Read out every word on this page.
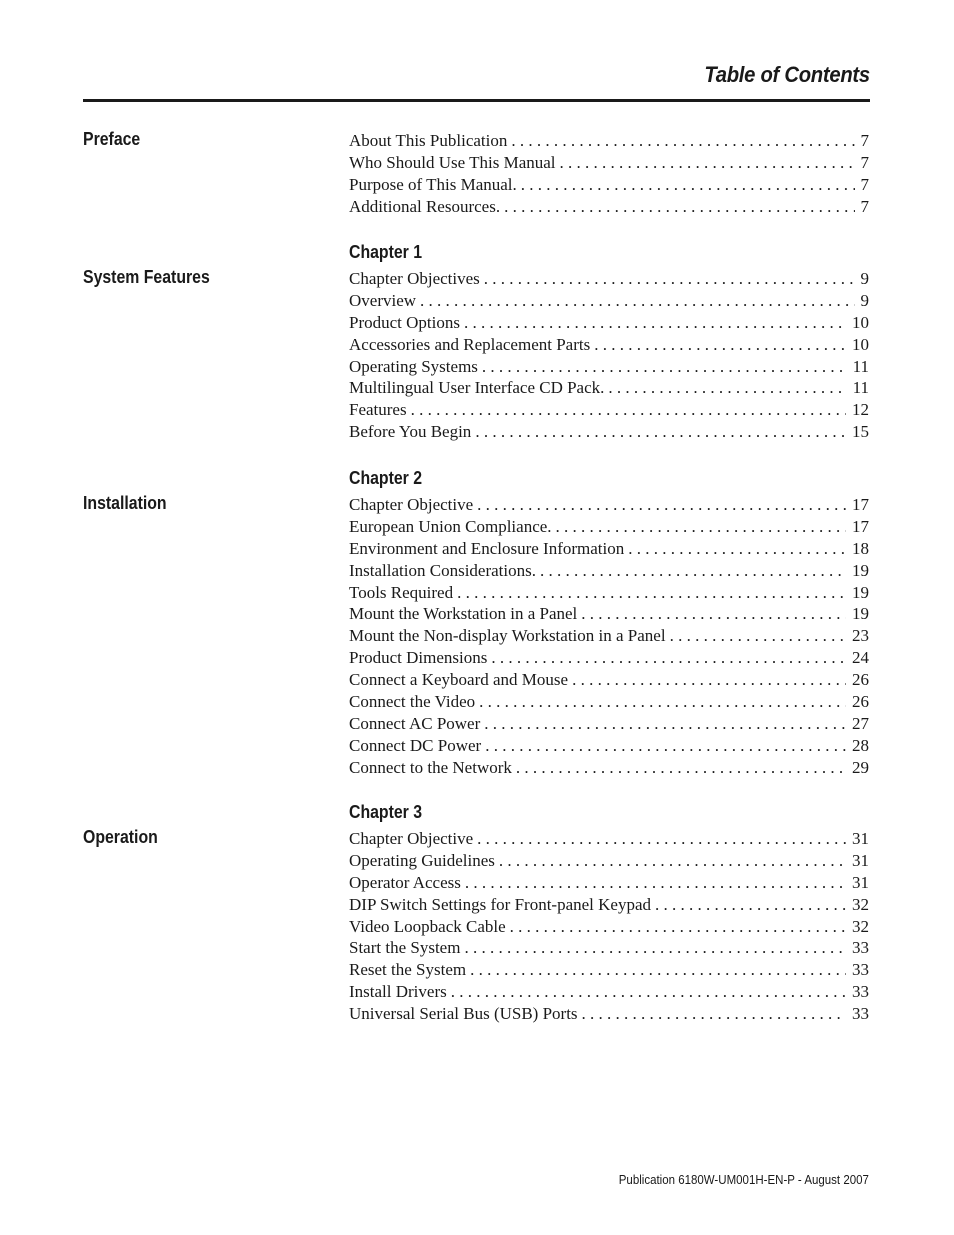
Table of Contents
Preface	About This Publication . . .	7
Who Should Use This Manual . . .	7
Purpose of This Manual. . . .	7
Additional Resources. . . .	7
Chapter 1
System Features	Chapter Objectives . . .	9
Overview . . .	9
Product Options . . .	10
Accessories and Replacement Parts . . .	10
Operating Systems . . .	11
Multilingual User Interface CD Pack. . . .	11
Features . . .	12
Before You Begin . . .	15
Chapter 2
Installation	Chapter Objective . . .	17
European Union Compliance. . . .	17
Environment and Enclosure Information . . .	18
Installation Considerations. . . .	19
Tools Required . . .	19
Mount the Workstation in a Panel . . .	19
Mount the Non-display Workstation in a Panel . . .	23
Product Dimensions . . .	24
Connect a Keyboard and Mouse . . .	26
Connect the Video . . .	26
Connect AC Power . . .	27
Connect DC Power . . .	28
Connect to the Network . . .	29
Chapter 3
Operation	Chapter Objective . . .	31
Operating Guidelines . . .	31
Operator Access . . .	31
DIP Switch Settings for Front-panel Keypad . . .	32
Video Loopback Cable . . .	32
Start the System . . .	33
Reset the System . . .	33
Install Drivers . . .	33
Universal Serial Bus (USB) Ports . . .	33
Publication 6180W-UM001H-EN-P - August 2007
